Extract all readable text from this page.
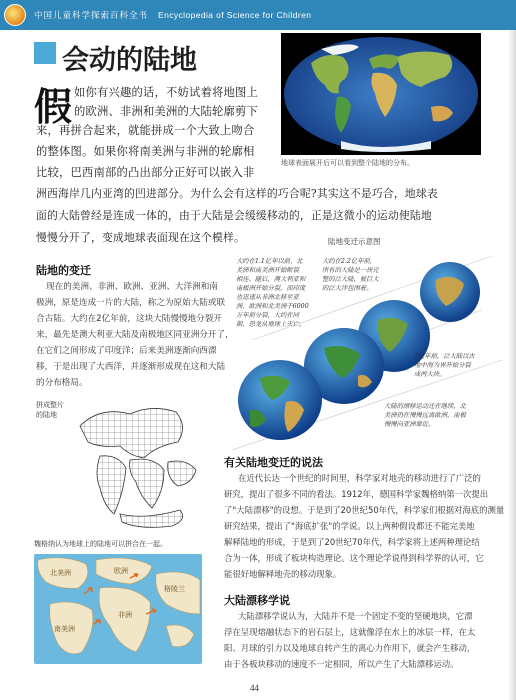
中国儿童科学探索百科全书 Encyclopedia of Science for Children
会动的陆地
地球表面展开后可以看到整个陆地的分布。
假 如你有兴趣的话，不妨试着将地图上
的欧洲、非洲和美洲的大陆轮廓剪下
来，再拼合起来，就能拼成一个大致上吻合
的整体图。如果你将南美洲与非洲的轮廓相
比较，巴西南部的凸出部分正好可以嵌入非
洲西海岸几内亚湾的凹进部分。为什么会有这样的巧合呢?其实这不是巧合，地球表
面的大陆曾经是连成一体的，由于大陆是会缓缓移动的，正是这微小的运动使陆地
慢慢分开了，变成地球表面现在这个模样。
陆地的变迁
现在的美洲、非洲、欧洲、亚洲、大洋洲和南
极洲，原是连成一片的大陆，称之为原始大陆或联
合古陆。大约在2亿年前，这块大陆慢慢地分裂开
来，最先是澳大利亚大陆及南极地区同亚洲分开了，
在它们之间形成了印度洋；后来美洲逐渐向西漂
移，于是出现了大西洋，并逐渐形成现在这和大陆
的分布格局。
陆地变迁示意图
大约在1.1亿年以前，北
美洲和南美洲开始断裂
相连。随后，澳大利亚和
南极洲开始分裂，而印度
也迅速从非洲北移至亚
洲，欧洲和北美洲于6000
万年前分裂，大约在同
期，恐龙从地球上灭亡。
大约在2.2亿年前，
所有的大陆是一块完
整的泛大陆，被巨大
的泛大洋包围着。
2亿年前，泛大陆以古
地中海为界开始分裂
成两大块。
大陆的漂移运动还在继续，北
美洲仍在慢慢远离欧洲，南极
慢慢向亚洲靠近。
拼成整片
的陆地
魏格纳认为地球上的陆地可以拼合在一起。
北美洲
南美洲
非洲
欧洲
格陵兰
有关陆地变迁的说法
在近代长达一个世纪的时间里，科学家对地壳的移动进行了广泛的
研究，提出了很多不同的看法。1912年，德国科学家魏格纳第一次提出
了"大陆漂移"的设想。于是到了20世纪50年代，科学家们根据对海底的测量
研究结果，提出了"海底扩张"的学说。以上两种假设都还不能完美地
解释陆地的形成，于是到了20世纪70年代，科学家将上述两种理论结
合为一体，形成了板块构造理论。这个理论学说得到科学界的认可，它
能很好地解释地壳的移动现象。
大陆漂移学说
大陆漂移学说认为，大陆并不是一个固定不变的坚硬地块，它漂
浮在呈现熔融状态下的岩石层上，这就像浮在水上的冰层一样，在太
阳、月球的引力以及地球自转产生的离心力作用下，就会产生移动，
由于各板块移动的速度不一定相同，所以产生了大陆漂移运动。
44
